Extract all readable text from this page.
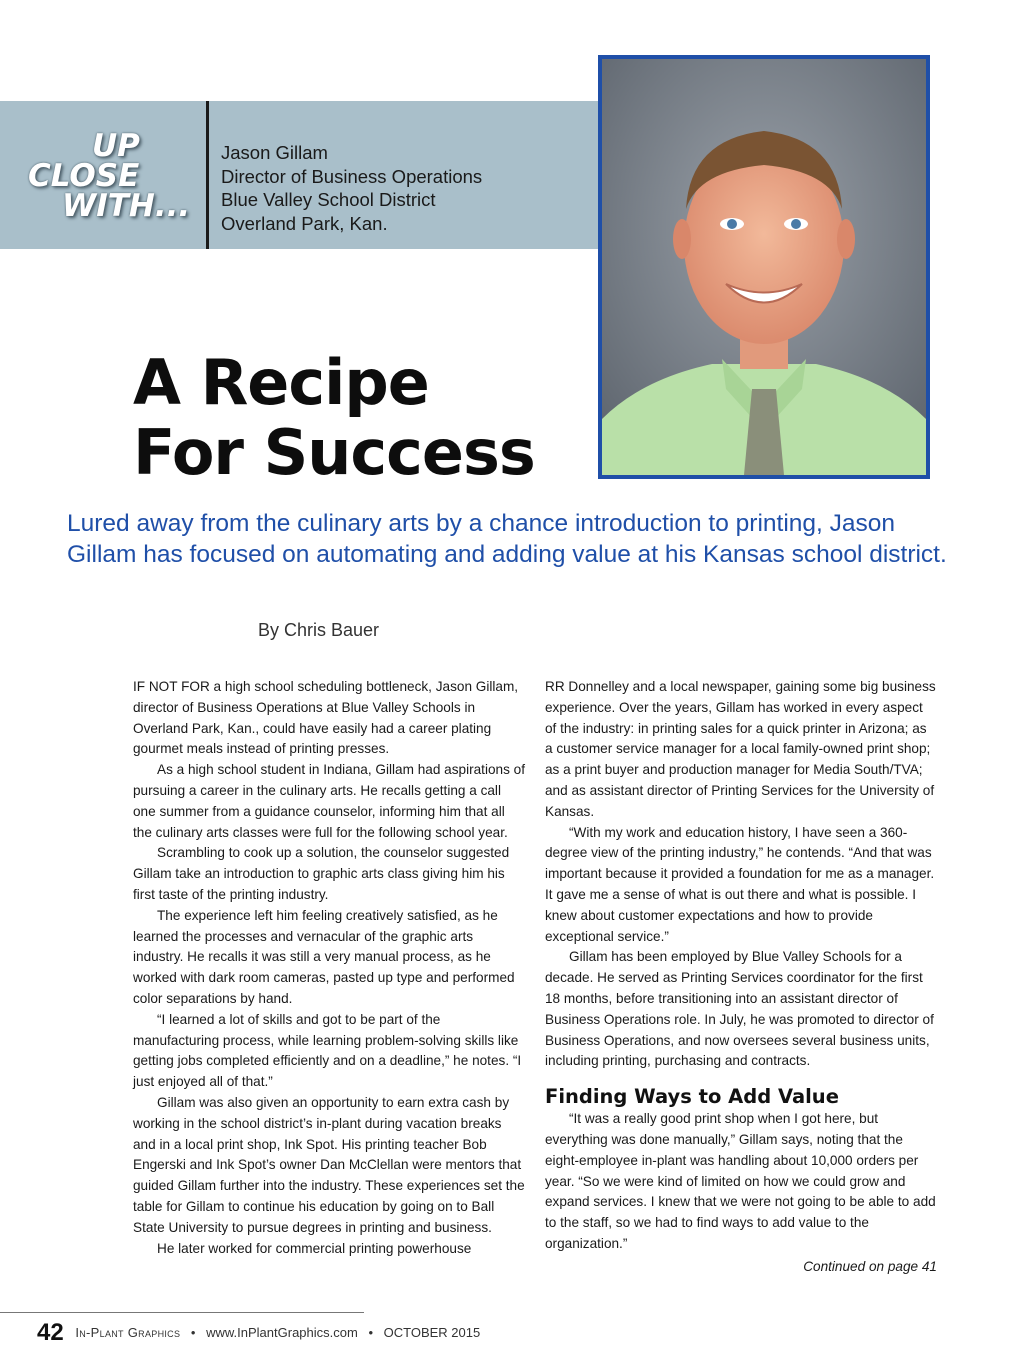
UP
CLOSE
WITH...
Jason Gillam
Director of Business Operations
Blue Valley School District
Overland Park, Kan.
A Recipe
For Success
Lured away from the culinary arts by a chance introduction to printing, Jason Gillam has focused on automating and adding value at his Kansas school district.
By Chris Bauer

IF NOT FOR a high school scheduling bottleneck, Jason Gillam, director of Business Operations at Blue Valley Schools in Overland Park, Kan., could have easily had a career plating gourmet meals instead of printing presses.

As a high school student in Indiana, Gillam had aspirations of pursuing a career in the culinary arts. He recalls getting a call one summer from a guidance counselor, informing him that all the culinary arts classes were full for the following school year.

Scrambling to cook up a solution, the counselor suggested Gillam take an introduction to graphic arts class giving him his first taste of the printing industry.

The experience left him feeling creatively satisfied, as he learned the processes and vernacular of the graphic arts industry. He recalls it was still a very manual process, as he worked with dark room cameras, pasted up type and performed color separations by hand.

“I learned a lot of skills and got to be part of the manufacturing process, while learning problem-solving skills like getting jobs completed efficiently and on a deadline,” he notes. “I just enjoyed all of that.”

Gillam was also given an opportunity to earn extra cash by working in the school district’s in-plant during vacation breaks and in a local print shop, Ink Spot. His printing teacher Bob Engerski and Ink Spot’s owner Dan McClellan were mentors that guided Gillam further into the industry. These experiences set the table for Gillam to continue his education by going on to Ball State University to pursue degrees in printing and business.

He later worked for commercial printing powerhouse

RR Donnelley and a local newspaper, gaining some big business experience. Over the years, Gillam has worked in every aspect of the industry: in printing sales for a quick printer in Arizona; as a customer service manager for a local family-owned print shop; as a print buyer and production manager for Media South/TVA; and as assistant director of Printing Services for the University of Kansas.

“With my work and education history, I have seen a 360-degree view of the printing industry,” he contends. “And that was important because it provided a foundation for me as a manager. It gave me a sense of what is out there and what is possible. I knew about customer expectations and how to provide exceptional service.”

Gillam has been employed by Blue Valley Schools for a decade. He served as Printing Services coordinator for the first 18 months, before transitioning into an assistant director of Business Operations role. In July, he was promoted to director of Business Operations, and now oversees several business units, including printing, purchasing and contracts.

Finding Ways to Add Value

“It was a really good print shop when I got here, but everything was done manually,” Gillam says, noting that the eight-employee in-plant was handling about 10,000 orders per year. “So we were kind of limited on how we could grow and expand services. I knew that we were not going to be able to add to the staff, so we had to find ways to add value to the organization.”

Continued on page 41
42 In-Plant Graphics • www.InPlantGraphics.com • OCTOBER 2015
